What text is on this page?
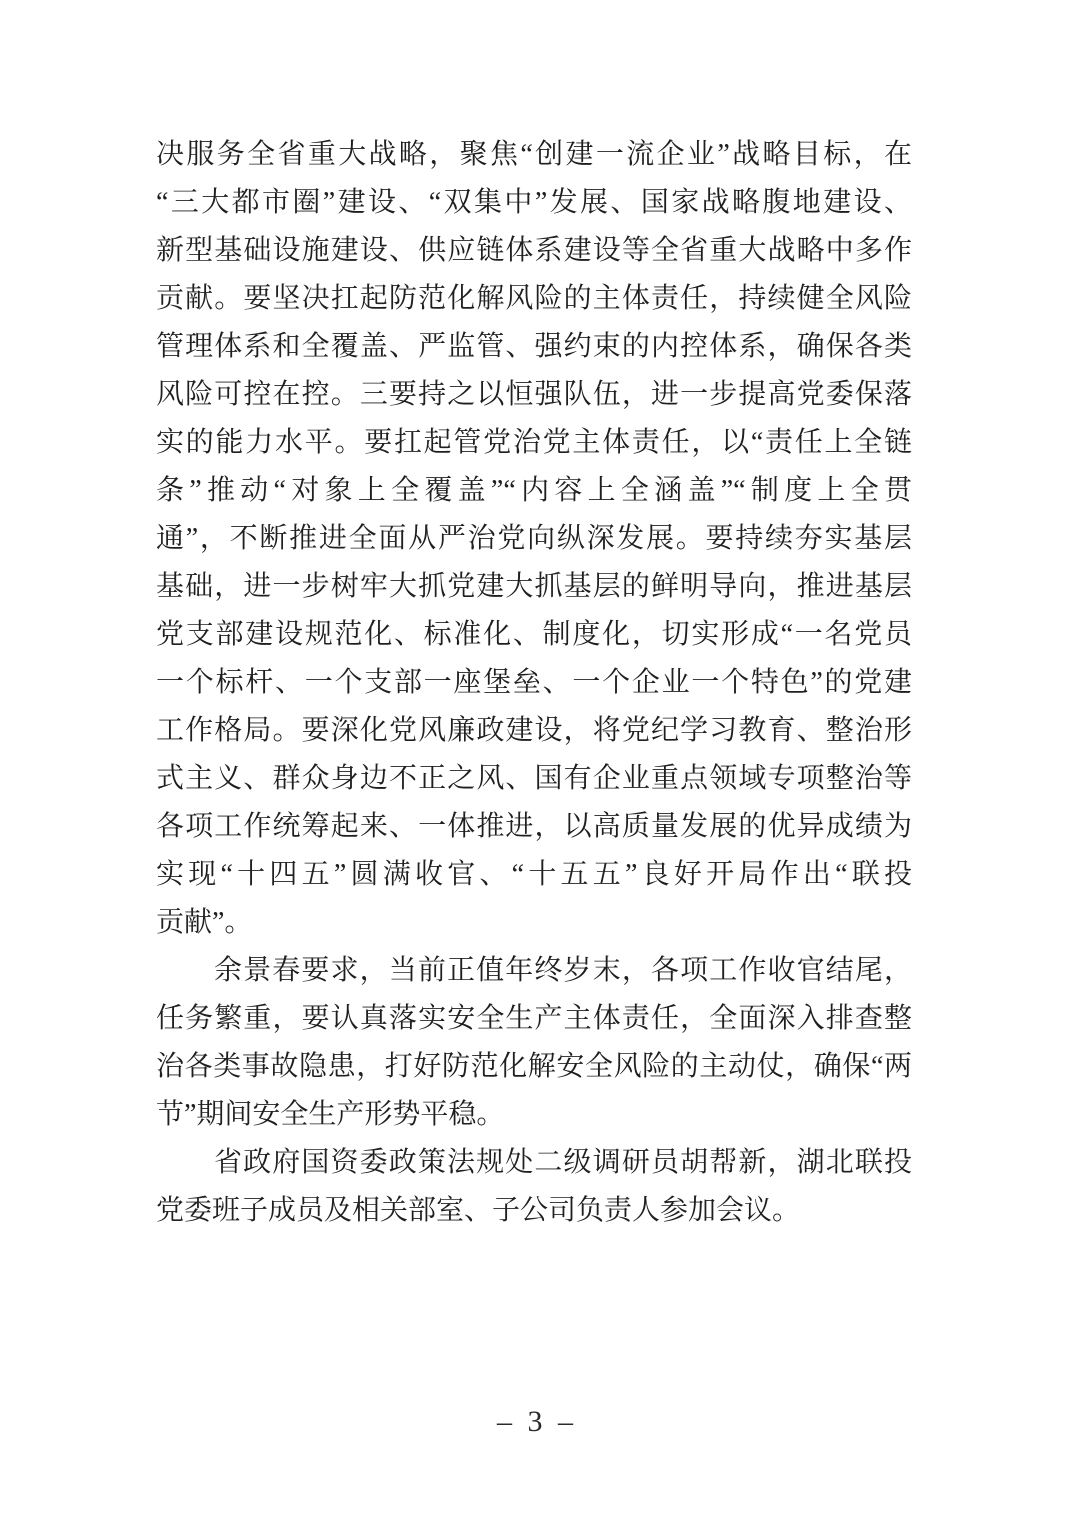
决服务全省重大战略，聚焦“创建一流企业”战略目标，在
“三大都市圈”建设、“双集中”发展、国家战略腹地建设、
新型基础设施建设、供应链体系建设等全省重大战略中多作
贡献。要坚决扛起防范化解风险的主体责任，持续健全风险
管理体系和全覆盖、严监管、强约束的内控体系，确保各类
风险可控在控。三要持之以恒强队伍，进一步提高党委保落
实的能力水平。要扛起管党治党主体责任，以“责任上全链
条”推动“对象上全覆盖”“内容上全涵盖”“制度上全贯
通”，不断推进全面从严治党向纵深发展。要持续夯实基层
基础，进一步树牢大抓党建大抓基层的鲜明导向，推进基层
党支部建设规范化、标准化、制度化，切实形成“一名党员
一个标杆、一个支部一座堡垒、一个企业一个特色”的党建
工作格局。要深化党风廉政建设，将党纪学习教育、整治形
式主义、群众身边不正之风、国有企业重点领域专项整治等
各项工作统筹起来、一体推进，以高质量发展的优异成绩为
实现“十四五”圆满收官、“十五五”良好开局作出“联投
贡献”。
余景春要求，当前正值年终岁末，各项工作收官结尾，
任务繁重，要认真落实安全生产主体责任，全面深入排查整
治各类事故隐患，打好防范化解安全风险的主动仗，确保“两
节”期间安全生产形势平稳。
省政府国资委政策法规处二级调研员胡帮新，湖北联投
党委班子成员及相关部室、子公司负责人参加会议。
– 3 –
